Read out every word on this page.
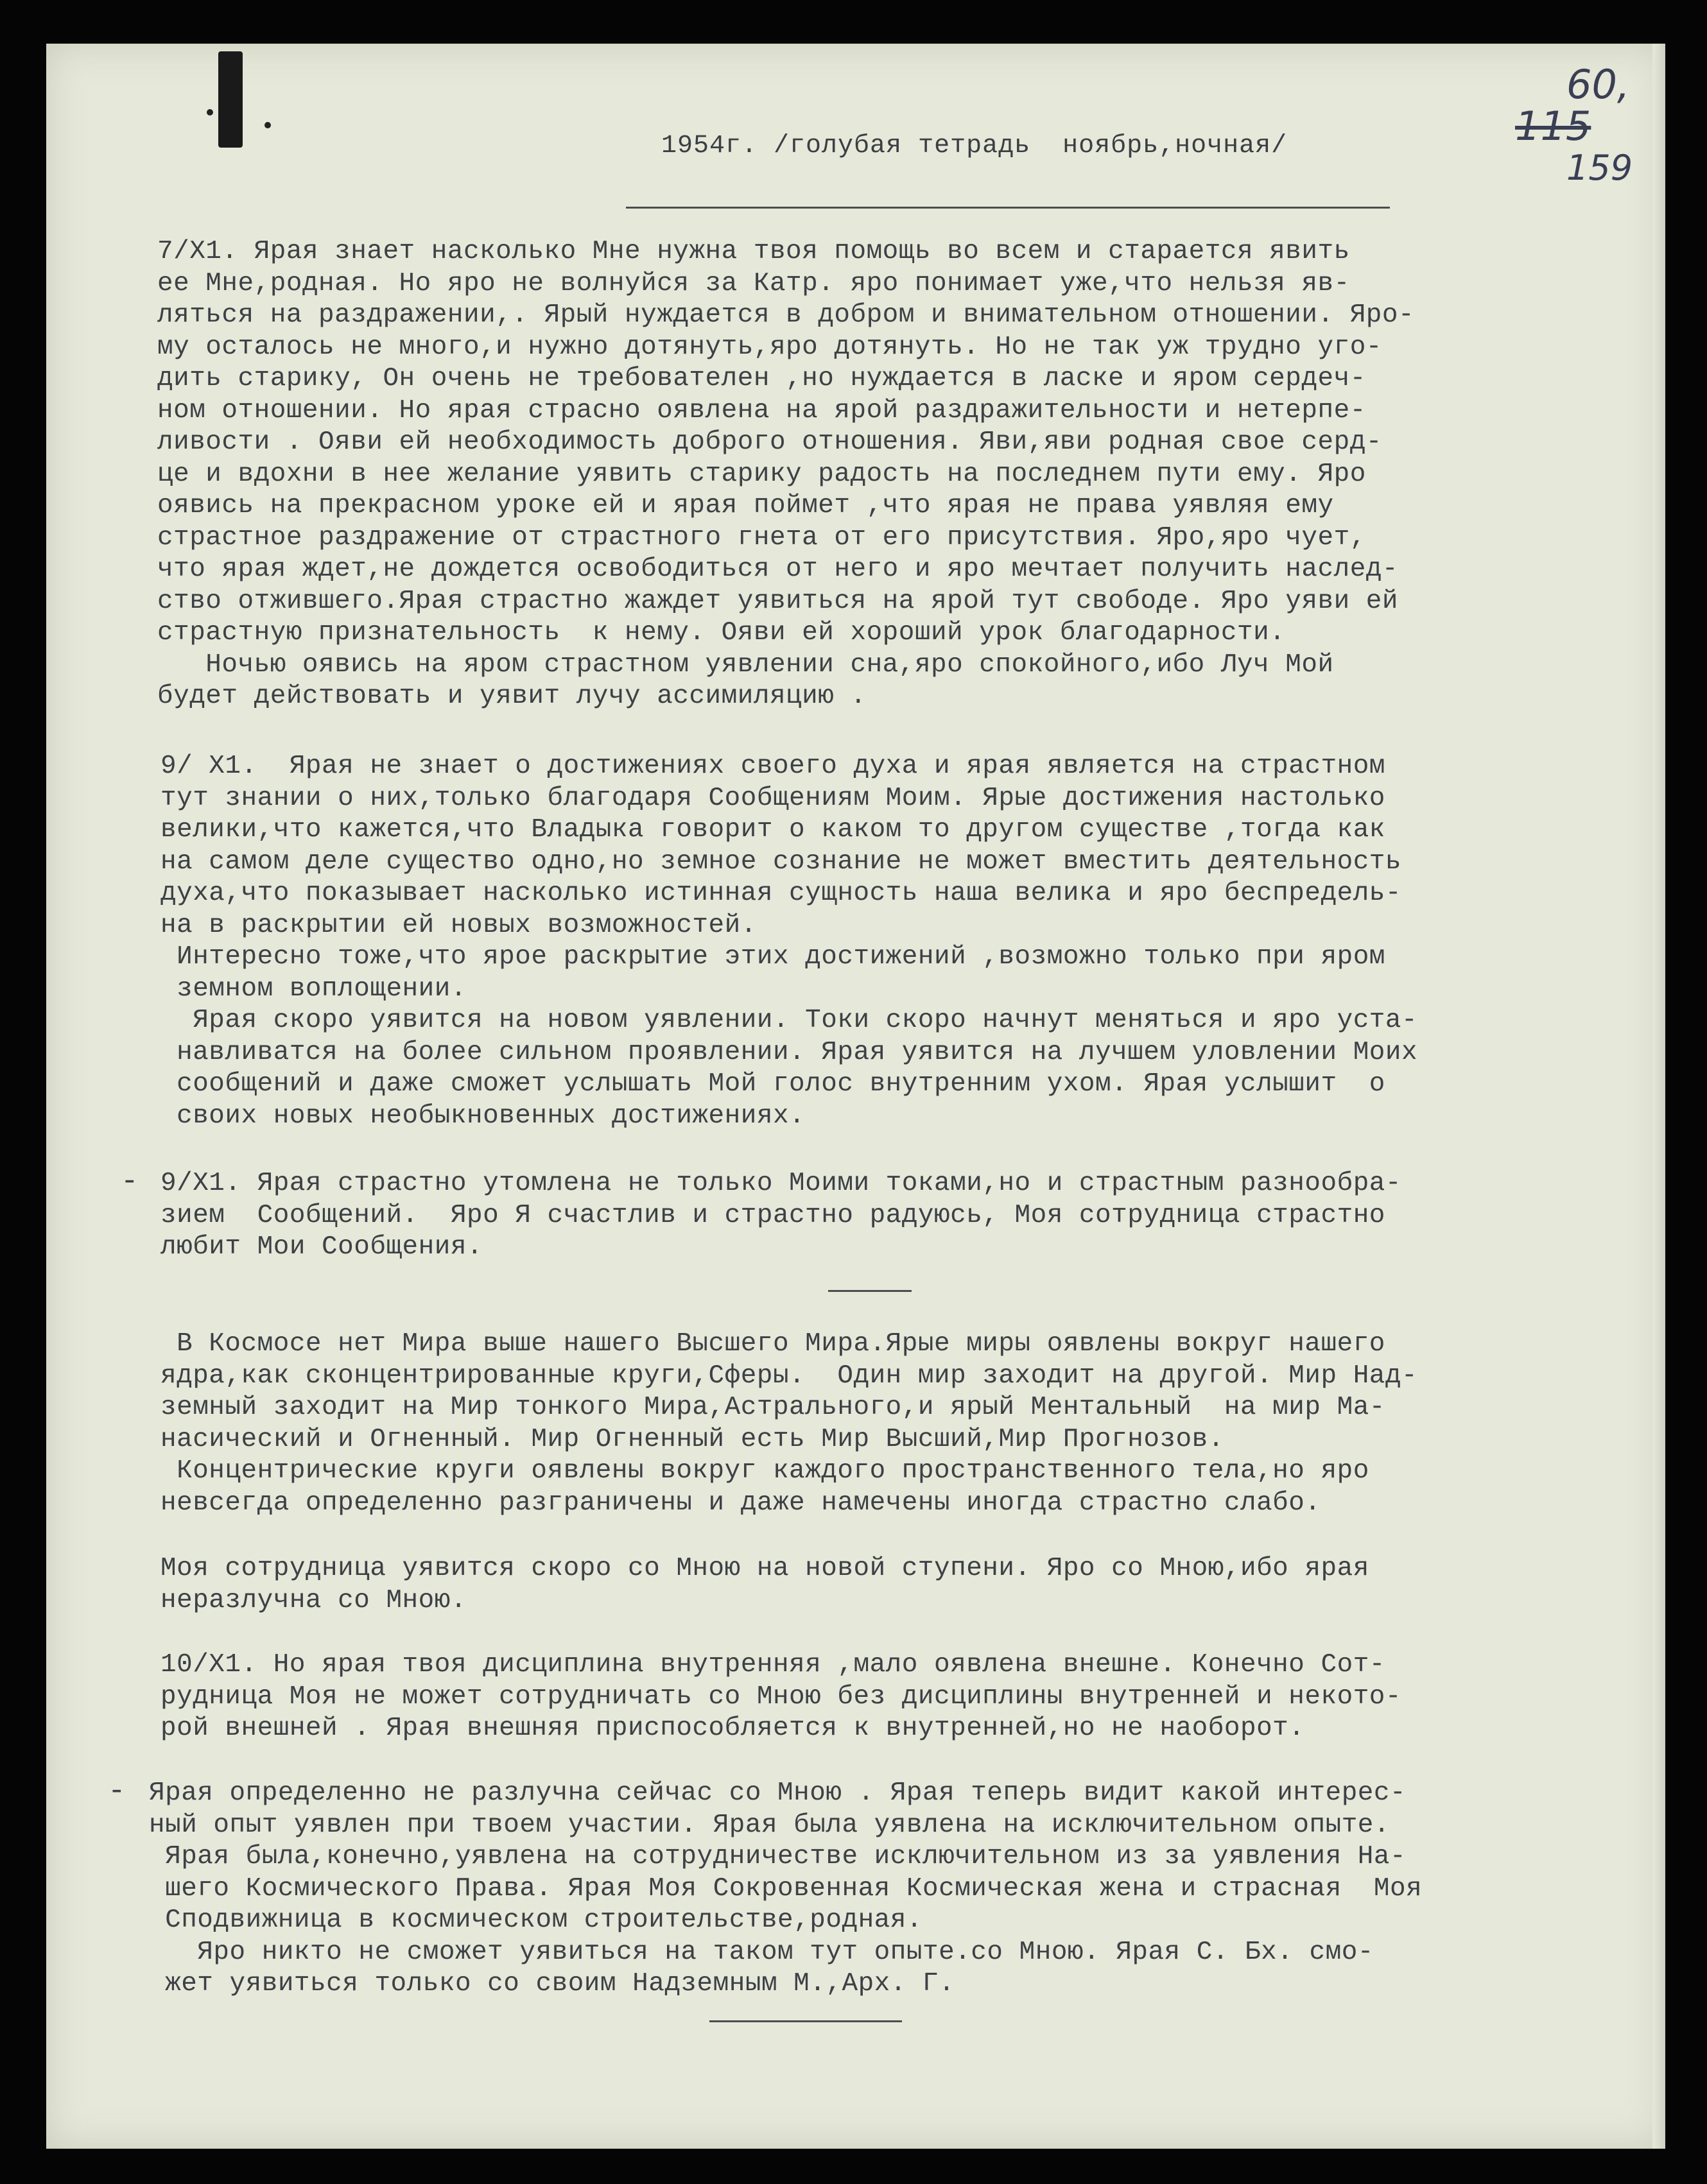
60,
115
159
1954г. /голубая тетрадь  ноябрь,ночная/
7/Х1. Ярая знает насколько Мне нужна твоя помощь во всем и старается явить
ее Мне,родная. Но яро не волнуйся за Катр. яро понимает уже,что нельзя яв-
ляться на раздражении,. Ярый нуждается в добром и внимательном отношении. Яро-
му осталось не много,и нужно дотянуть,яро дотянуть. Но не так уж трудно уго-
дить старику, Он очень не требователен ,но нуждается в ласке и яром сердеч-
ном отношении. Но ярая страсно оявлена на ярой раздражительности и нетерпе-
ливости . Ояви ей необходимость доброго отношения. Яви,яви родная свое серд-
це и вдохни в нее желание уявить старику радость на последнем пути ему. Яро
оявись на прекрасном уроке ей и ярая поймет ,что ярая не права уявляя ему
страстное раздражение от страстного гнета от его присутствия. Яро,яро чует,
что ярая ждет,не дождется освободиться от него и яро мечтает получить наслед-
ство отжившего.Ярая страстно жаждет уявиться на ярой тут свободе. Яро уяви ей
страстную признательность  к нему. Ояви ей хороший урок благодарности.
Ночью оявись на яром страстном уявлении сна,яро спокойного,ибо Луч Мой
будет действовать и уявит лучу ассимиляцию .
9/ Х1.  Ярая не знает о достижениях своего духа и ярая является на страстном
тут знании о них,только благодаря Сообщениям Моим. Ярые достижения настолько
велики,что кажется,что Владыка говорит о каком то другом существе ,тогда как
на самом деле существо одно,но земное сознание не может вместить деятельность
духа,что показывает насколько истинная сущность наша велика и яро беспредель-
на в раскрытии ей новых возможностей.
Интересно тоже,что ярое раскрытие этих достижений ,возможно только при яром
земном воплощении.
Ярая скоро уявится на новом уявлении. Токи скоро начнут меняться и яро уста-
навливатся на более сильном проявлении. Ярая уявится на лучшем уловлении Моих
сообщений и даже сможет услышать Мой голос внутренним ухом. Ярая услышит  о
своих новых необыкновенных достижениях.
- 9/Х1. Ярая страстно утомлена не только Моими токами,но и страстным разнообра-
зием  Сообщений.  Яро Я счастлив и страстно радуюсь, Моя сотрудница страстно
любит Мои Сообщения.
В Космосе нет Мира выше нашего Высшего Мира.Ярые миры оявлены вокруг нашего
ядра,как сконцентрированные круги,Сферы.  Один мир заходит на другой. Мир Над-
земный заходит на Мир тонкого Мира,Астрального,и ярый Ментальный  на мир Ма-
насический и Огненный. Мир Огненный есть Мир Высший,Мир Прогнозов.
Концентрические круги оявлены вокруг каждого пространственного тела,но яро
невсегда определенно разграничены и даже намечены иногда страстно слабо.
Моя сотрудница уявится скоро со Мною на новой ступени. Яро со Мною,ибо ярая
неразлучна со Мною.
10/Х1. Но ярая твоя дисциплина внутренняя ,мало оявлена внешне. Конечно Сот-
рудница Моя не может сотрудничать со Мною без дисциплины внутренней и некото-
рой внешней . Ярая внешняя приспособляется к внутренней,но не наоборот.
- Ярая определенно не разлучна сейчас со Мною . Ярая теперь видит какой интерес-
ный опыт уявлен при твоем участии. Ярая была уявлена на исключительном опыте.
Ярая была,конечно,уявлена на сотрудничестве исключительном из за уявления На-
шего Космического Права. Ярая Моя Сокровенная Космическая жена и страсная  Моя
Сподвижница в космическом строительстве,родная.
Яро никто не сможет уявиться на таком тут опыте.со Мною. Ярая С. Бх. смо-
жет уявиться только со своим Надземным М.,Арх. Г.
